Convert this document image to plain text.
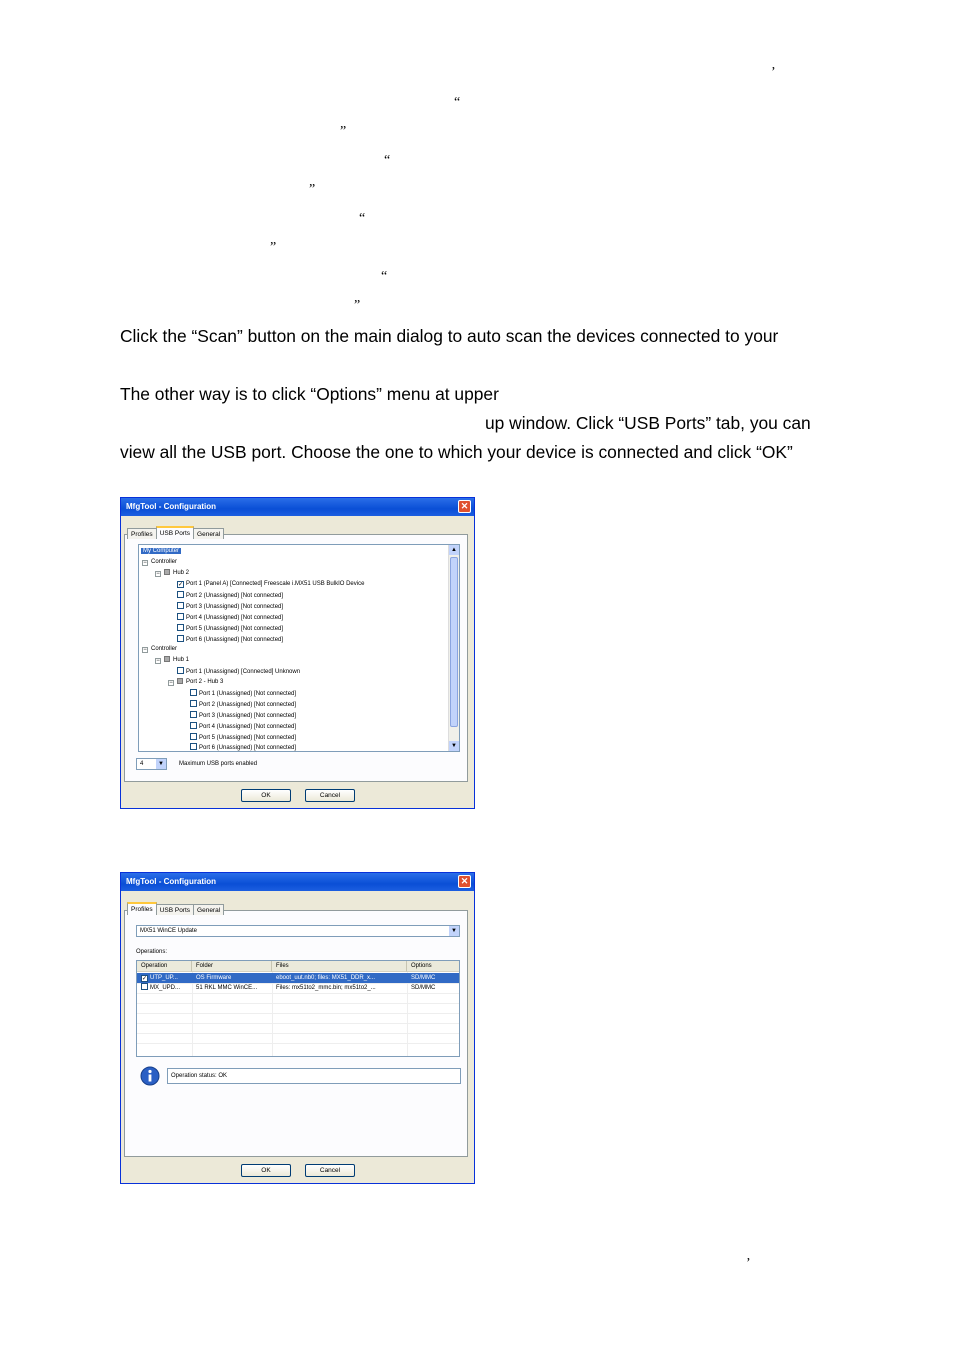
’
“
”
“
”
“
”
“
”
Click the “Scan” button on the main dialog to auto scan the devices connected to your
The other way is to click “Options” menu at upper
up window. Click “USB Ports” tab, you can
view all the USB port. Choose the one to which your device is connected and click “OK”
MfgTool - Configuration	✕
Profiles USB Ports General
My Computer
− Controller
− Hub 2
✓ Port 1 (Panel A) [Connected] Freescale i.MX51 USB BulkIO Device
Port 2 (Unassigned) [Not connected]
Port 3 (Unassigned) [Not connected]
Port 4 (Unassigned) [Not connected]
Port 5 (Unassigned) [Not connected]
Port 6 (Unassigned) [Not connected]
− Controller
− Hub 1
Port 1 (Unassigned) [Connected] Unknown
− Port 2 - Hub 3
Port 1 (Unassigned) [Not connected]
Port 2 (Unassigned) [Not connected]
Port 3 (Unassigned) [Not connected]
Port 4 (Unassigned) [Not connected]
Port 5 (Unassigned) [Not connected]
Port 6 (Unassigned) [Not connected]
▲
▼
4	▼	Maximum USB ports enabled
OK	Cancel
MfgTool - Configuration	✕
Profiles USB Ports General
MX51 WinCE Update	▼
Operations:
Operation	Folder	Files	Options
✓ UTP_UP...	OS Firmware	eboot_uut.nb0; files: MX51_DDR_x...	SD/MMC
MX_UPD...	51 RKL MMC WinCE...	Files: mx51to2_mmc.bin; mx51to2_...	SD/MMC
Operation status: OK
OK	Cancel
’
